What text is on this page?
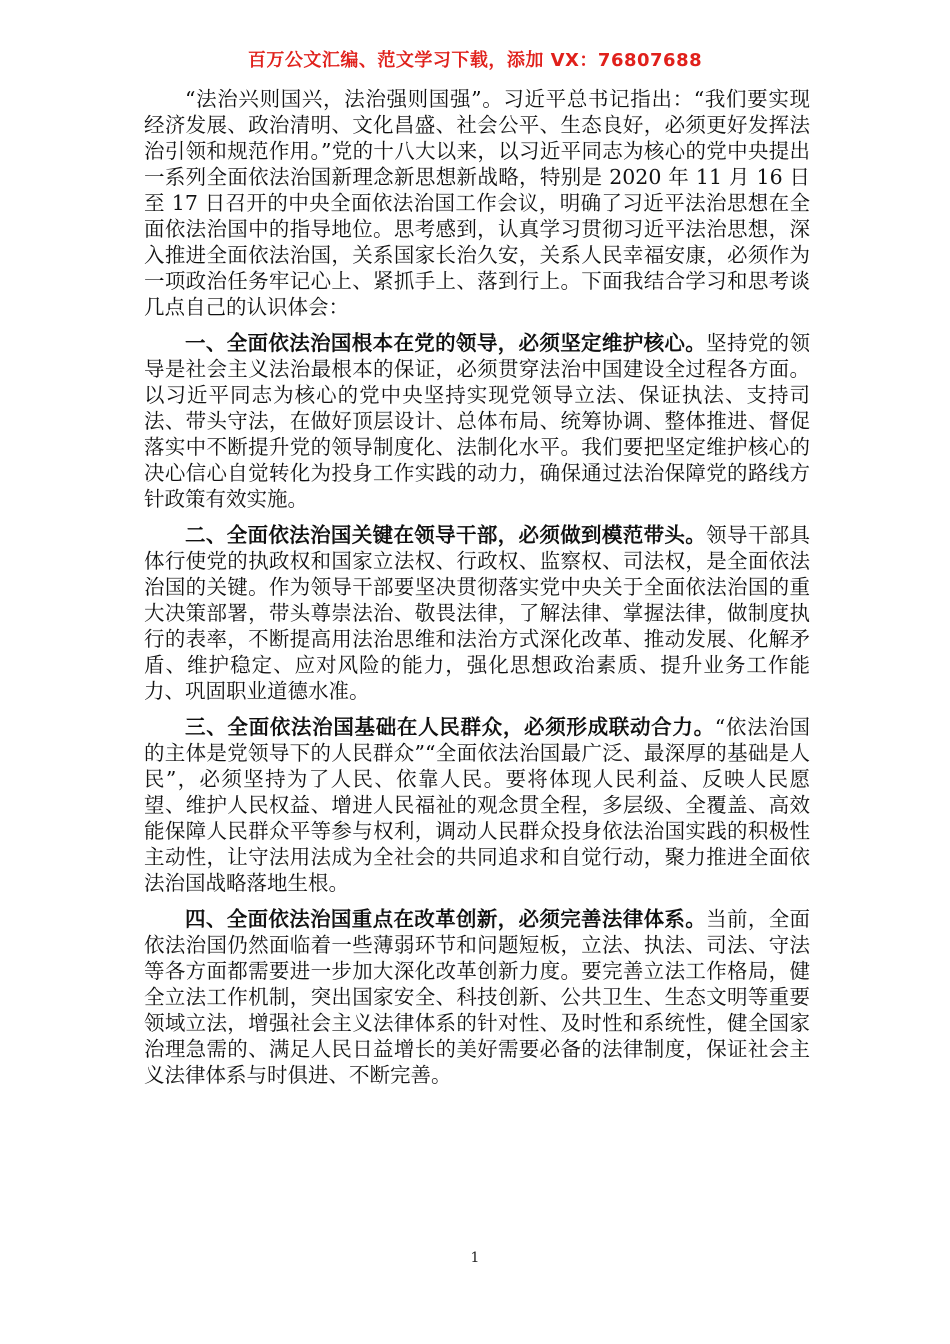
百万公文汇编、范文学习下载，添加 VX：76807688

“法治兴则国兴，法治强则国强”。习近平总书记指出：“我们要实现经济发展、政治清明、文化昌盛、社会公平、生态良好，必须更好发挥法治引领和规范作用。”党的十八大以来，以习近平同志为核心的党中央提出一系列全面依法治国新理念新思想新战略，特别是 2020 年 11 月 16 日至 17 日召开的中央全面依法治国工作会议，明确了习近平法治思想在全面依法治国中的指导地位。思考感到，认真学习贯彻习近平法治思想，深入推进全面依法治国，关系国家长治久安，关系人民幸福安康，必须作为一项政治任务牢记心上、紧抓手上、落到行上。下面我结合学习和思考谈几点自己的认识体会：

一、全面依法治国根本在党的领导，必须坚定维护核心。坚持党的领导是社会主义法治最根本的保证，必须贯穿法治中国建设全过程各方面。以习近平同志为核心的党中央坚持实现党领导立法、保证执法、支持司法、带头守法，在做好顶层设计、总体布局、统筹协调、整体推进、督促落实中不断提升党的领导制度化、法制化水平。我们要把坚定维护核心的决心信心自觉转化为投身工作实践的动力，确保通过法治保障党的路线方针政策有效实施。

二、全面依法治国关键在领导干部，必须做到模范带头。领导干部具体行使党的执政权和国家立法权、行政权、监察权、司法权，是全面依法治国的关键。作为领导干部要坚决贯彻落实党中央关于全面依法治国的重大决策部署，带头尊崇法治、敬畏法律，了解法律、掌握法律，做制度执行的表率，不断提高用法治思维和法治方式深化改革、推动发展、化解矛盾、维护稳定、应对风险的能力，强化思想政治素质、提升业务工作能力、巩固职业道德水准。

三、全面依法治国基础在人民群众，必须形成联动合力。“依法治国的主体是党领导下的人民群众”“全面依法治国最广泛、最深厚的基础是人民”，必须坚持为了人民、依靠人民。要将体现人民利益、反映人民愿望、维护人民权益、增进人民福祉的观念贯全程，多层级、全覆盖、高效能保障人民群众平等参与权利，调动人民群众投身依法治国实践的积极性主动性，让守法用法成为全社会的共同追求和自觉行动，聚力推进全面依法治国战略落地生根。

四、全面依法治国重点在改革创新，必须完善法律体系。当前，全面依法治国仍然面临着一些薄弱环节和问题短板，立法、执法、司法、守法等各方面都需要进一步加大深化改革创新力度。要完善立法工作格局，健全立法工作机制，突出国家安全、科技创新、公共卫生、生态文明等重要领域立法，增强社会主义法律体系的针对性、及时性和系统性，健全国家治理急需的、满足人民日益增长的美好需要必备的法律制度，保证社会主义法律体系与时俱进、不断完善。

1
